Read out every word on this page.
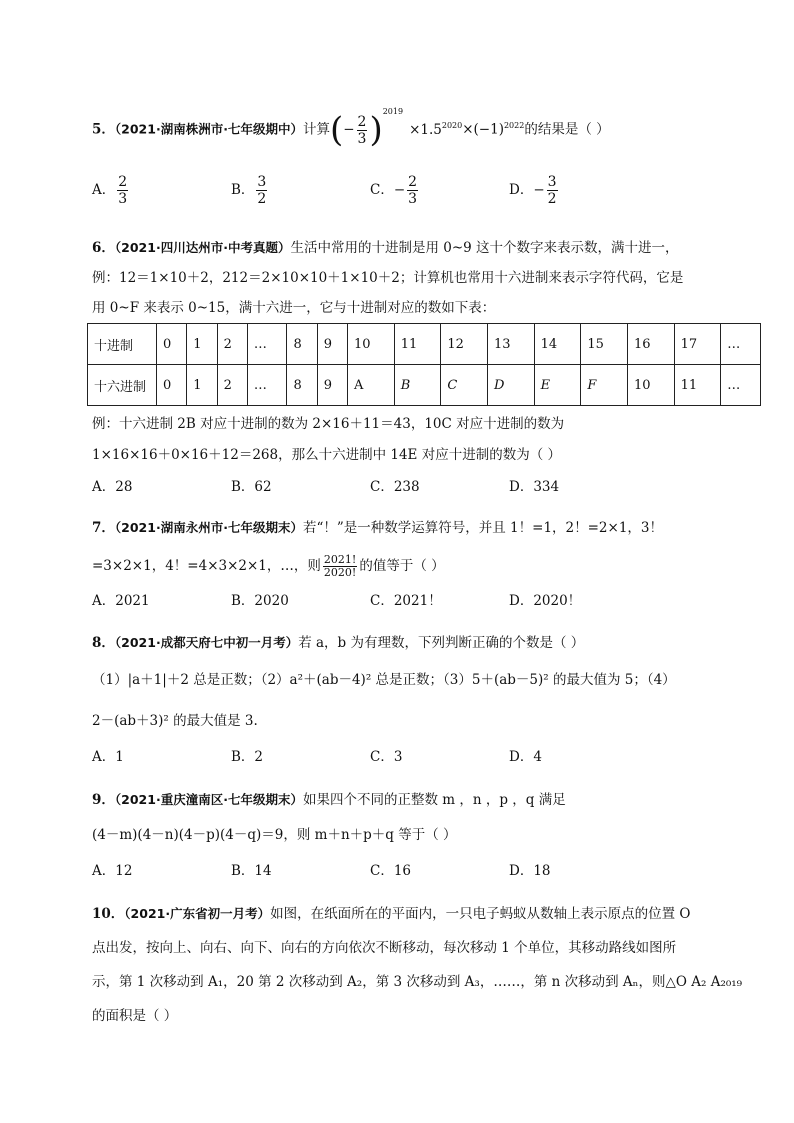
5．（2021·湖南株洲市·七年级期中）计算(− $\frac{2}{3} )^{2019}\times 1.5^{2020}\times(-1)^{2022}$的结果是（ ）
A． $\frac{2}{3}$	B． $\frac{3}{2}$	C．− $\frac{2}{3}$	D．− $\frac{3}{2}$
6．（2021·四川达州市·中考真题）生活中常用的十进制是用 0~9 这十个数字来表示数，满十进一，
例：12＝1×10＋2，212＝2×10×10＋1×10＋2；计算机也常用十六进制来表示字符代码，它是
用 0~F 来表示 0~15，满十六进一，它与十进制对应的数如下表：
十进制	0	1	2	…	8	9	10	11	12	13	14	15	16	17	…
十六进制	0	1	2	…	8	9	A	B	C	D	E	F	10	11	…
例：十六进制 2B 对应十进制的数为 2×16＋11＝43，10C 对应十进制的数为
1×16×16＋0×16＋12＝268，那么十六进制中 14E 对应十进制的数为（ ）
A．28	B．62	C．238	D．334
7．（2021·湖南永州市·七年级期末）若“！”是一种数学运算符号，并且 1！=1，2！=2×1，3！
=3×2×1，4！=4×3×2×1，…，则 $\frac{2021!}{2020!}$ 的值等于（ ）
A．2021	B．2020	C．2021！	D．2020！
8．（2021·成都天府七中初一月考）若 a，b 为有理数，下列判断正确的个数是（ ）
（1）|a＋1|＋2 总是正数；（2）a²＋(ab－4)² 总是正数；（3）5＋(ab－5)² 的最大值为 5；（4）
2－(ab＋3)² 的最大值是 3.
A．1	B．2	C．3	D．4
9．（2021·重庆潼南区·七年级期末）如果四个不同的正整数 m ，n ，p ，q 满足
(4－m)(4－n)(4－p)(4－q)＝9，则 m＋n＋p＋q 等于（ ）
A．12	B．14	C．16	D．18
10．（2021·广东省初一月考）如图，在纸面所在的平面内，一只电子蚂蚁从数轴上表示原点的位置 O
点出发，按向上、向右、向下、向右的方向依次不断移动，每次移动 1 个单位，其移动路线如图所
示，第 1 次移动到 A₁，20 第 2 次移动到 A₂，第 3 次移动到 A₃，……，第 n 次移动到 Aₙ，则△O A₂ A₂₀₁₉
的面积是（ ）
